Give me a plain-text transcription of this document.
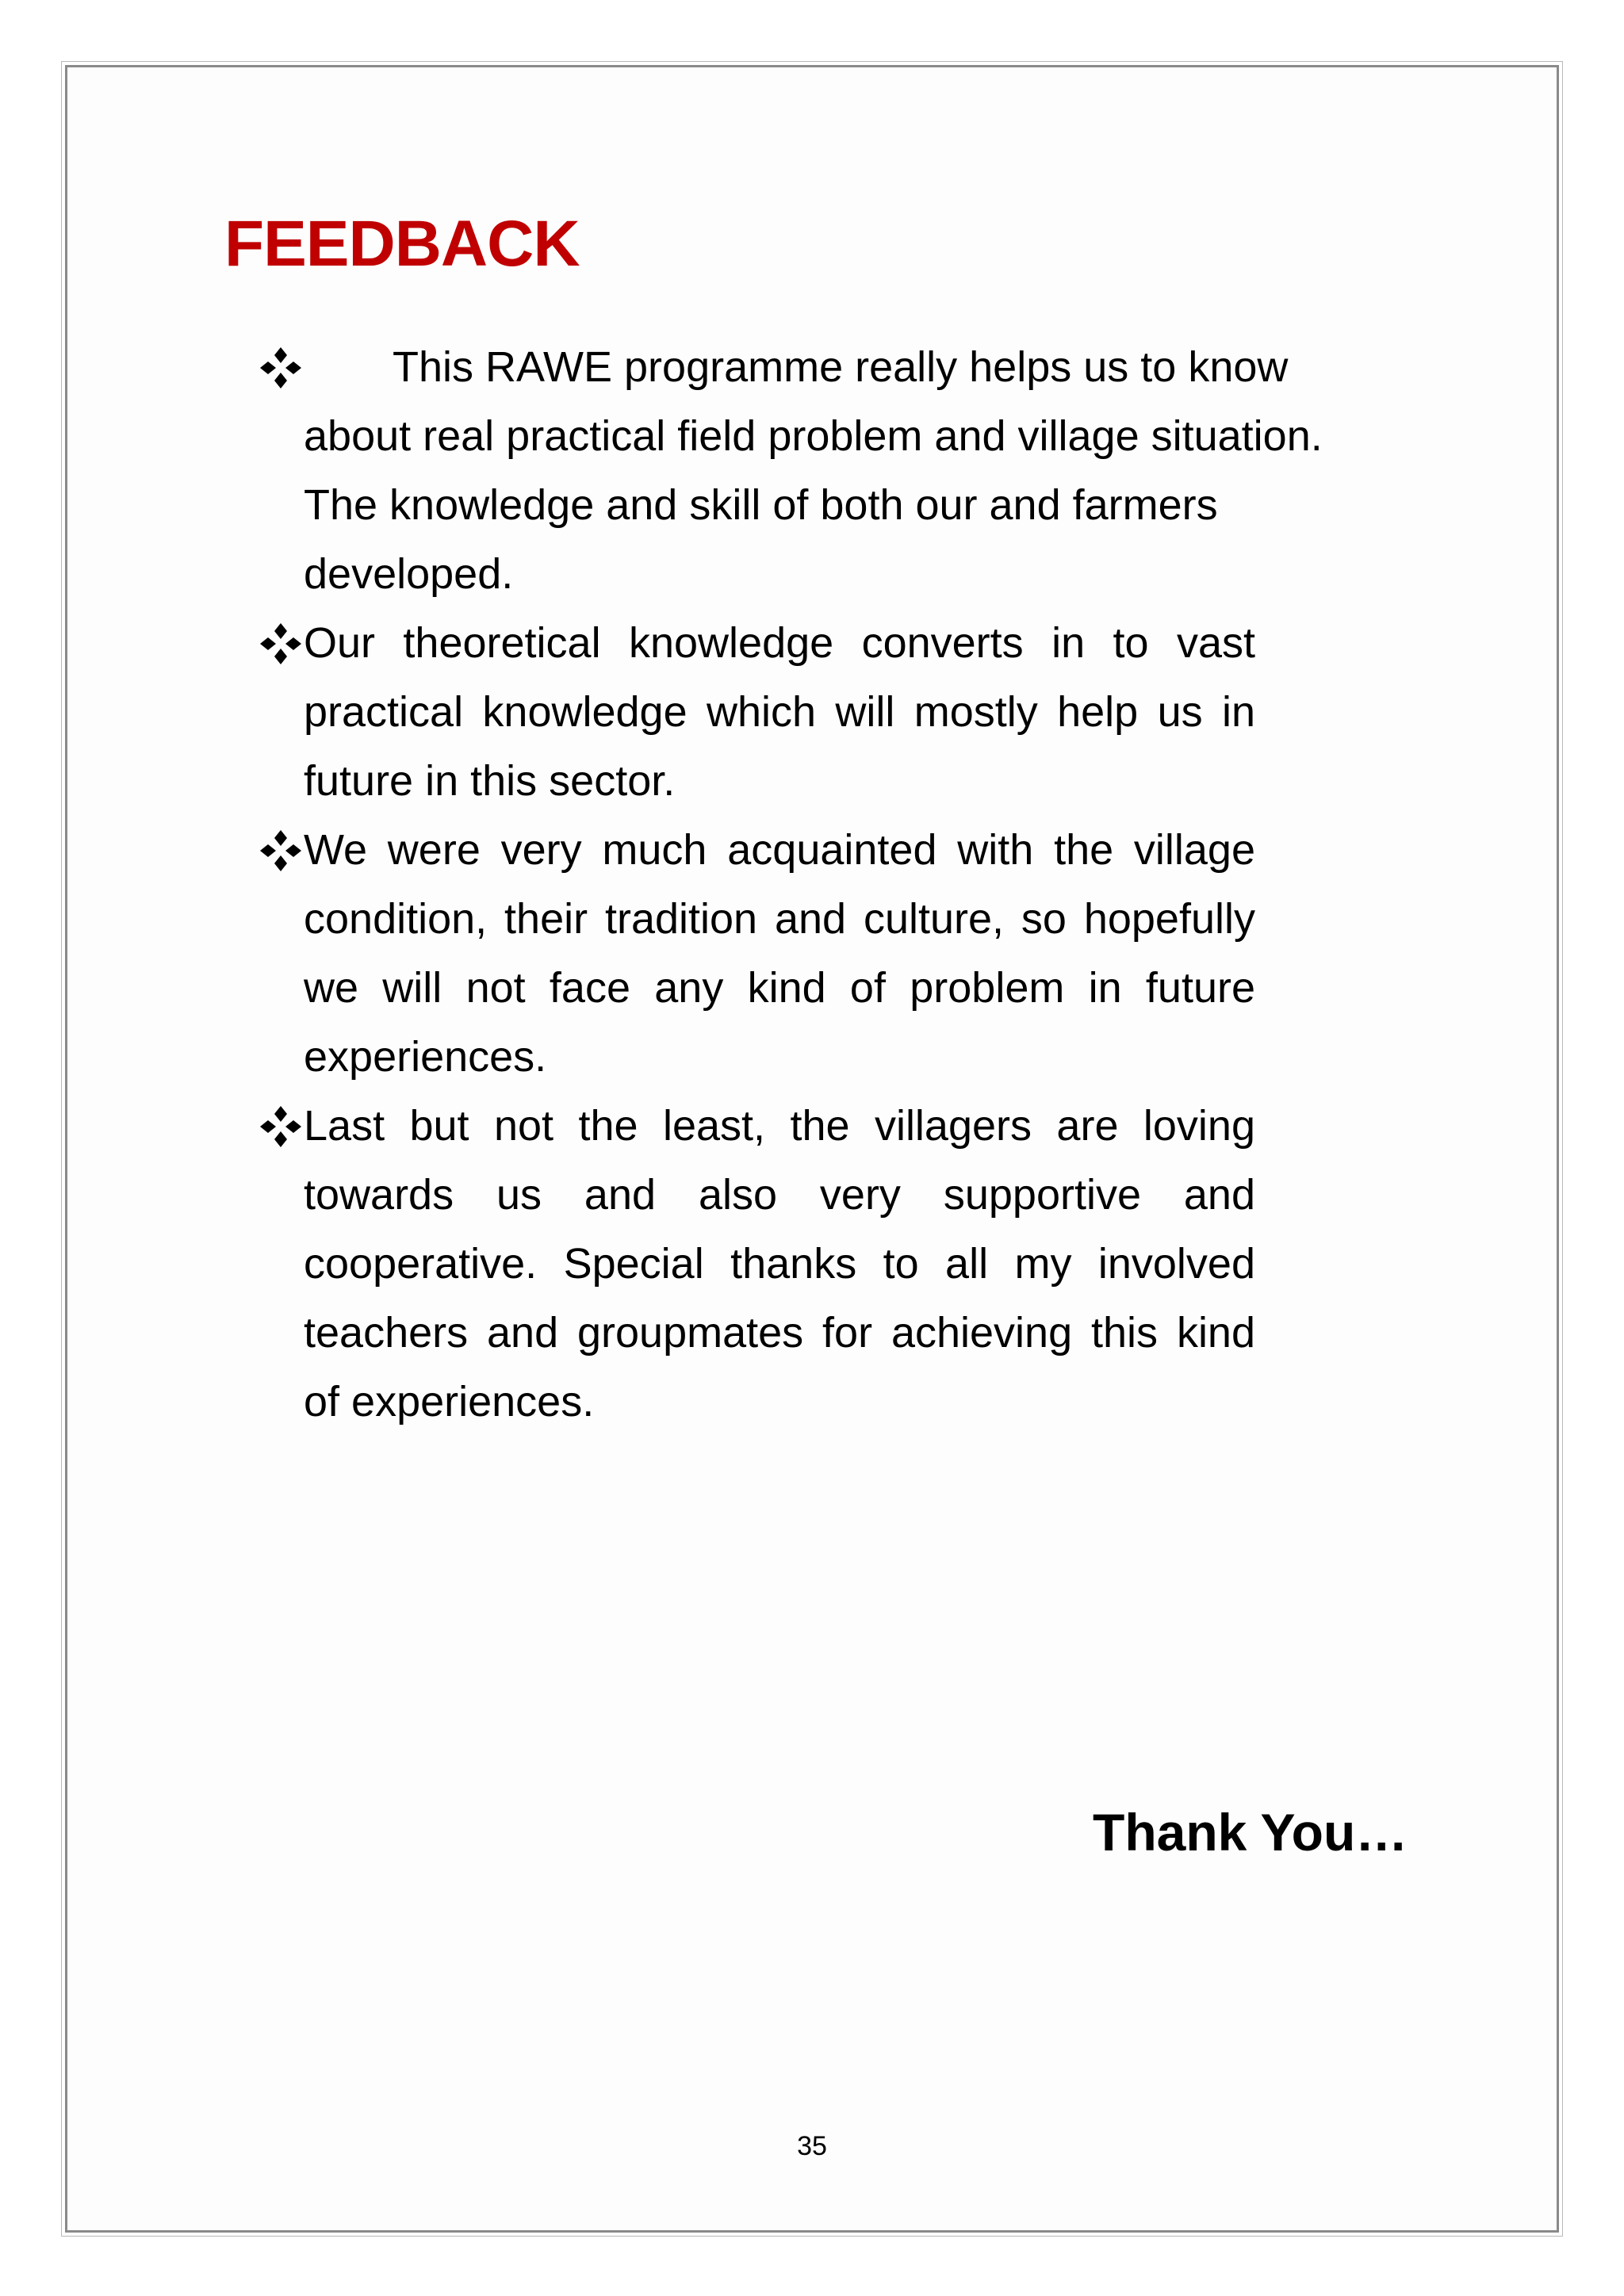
FEEDBACK
This RAWE programme really helps us to know about real practical field problem and village situation. The knowledge and skill of both our and farmers developed.
Our theoretical knowledge converts in to vast practical knowledge which will mostly help us in future in this sector.
We were very much acquainted with the village condition, their tradition and culture, so hopefully we will not face any kind of problem in future experiences.
Last but not the least, the villagers are loving towards us and also very supportive and cooperative. Special thanks to all my involved teachers and groupmates for achieving this kind of experiences.

Thank You…

35
